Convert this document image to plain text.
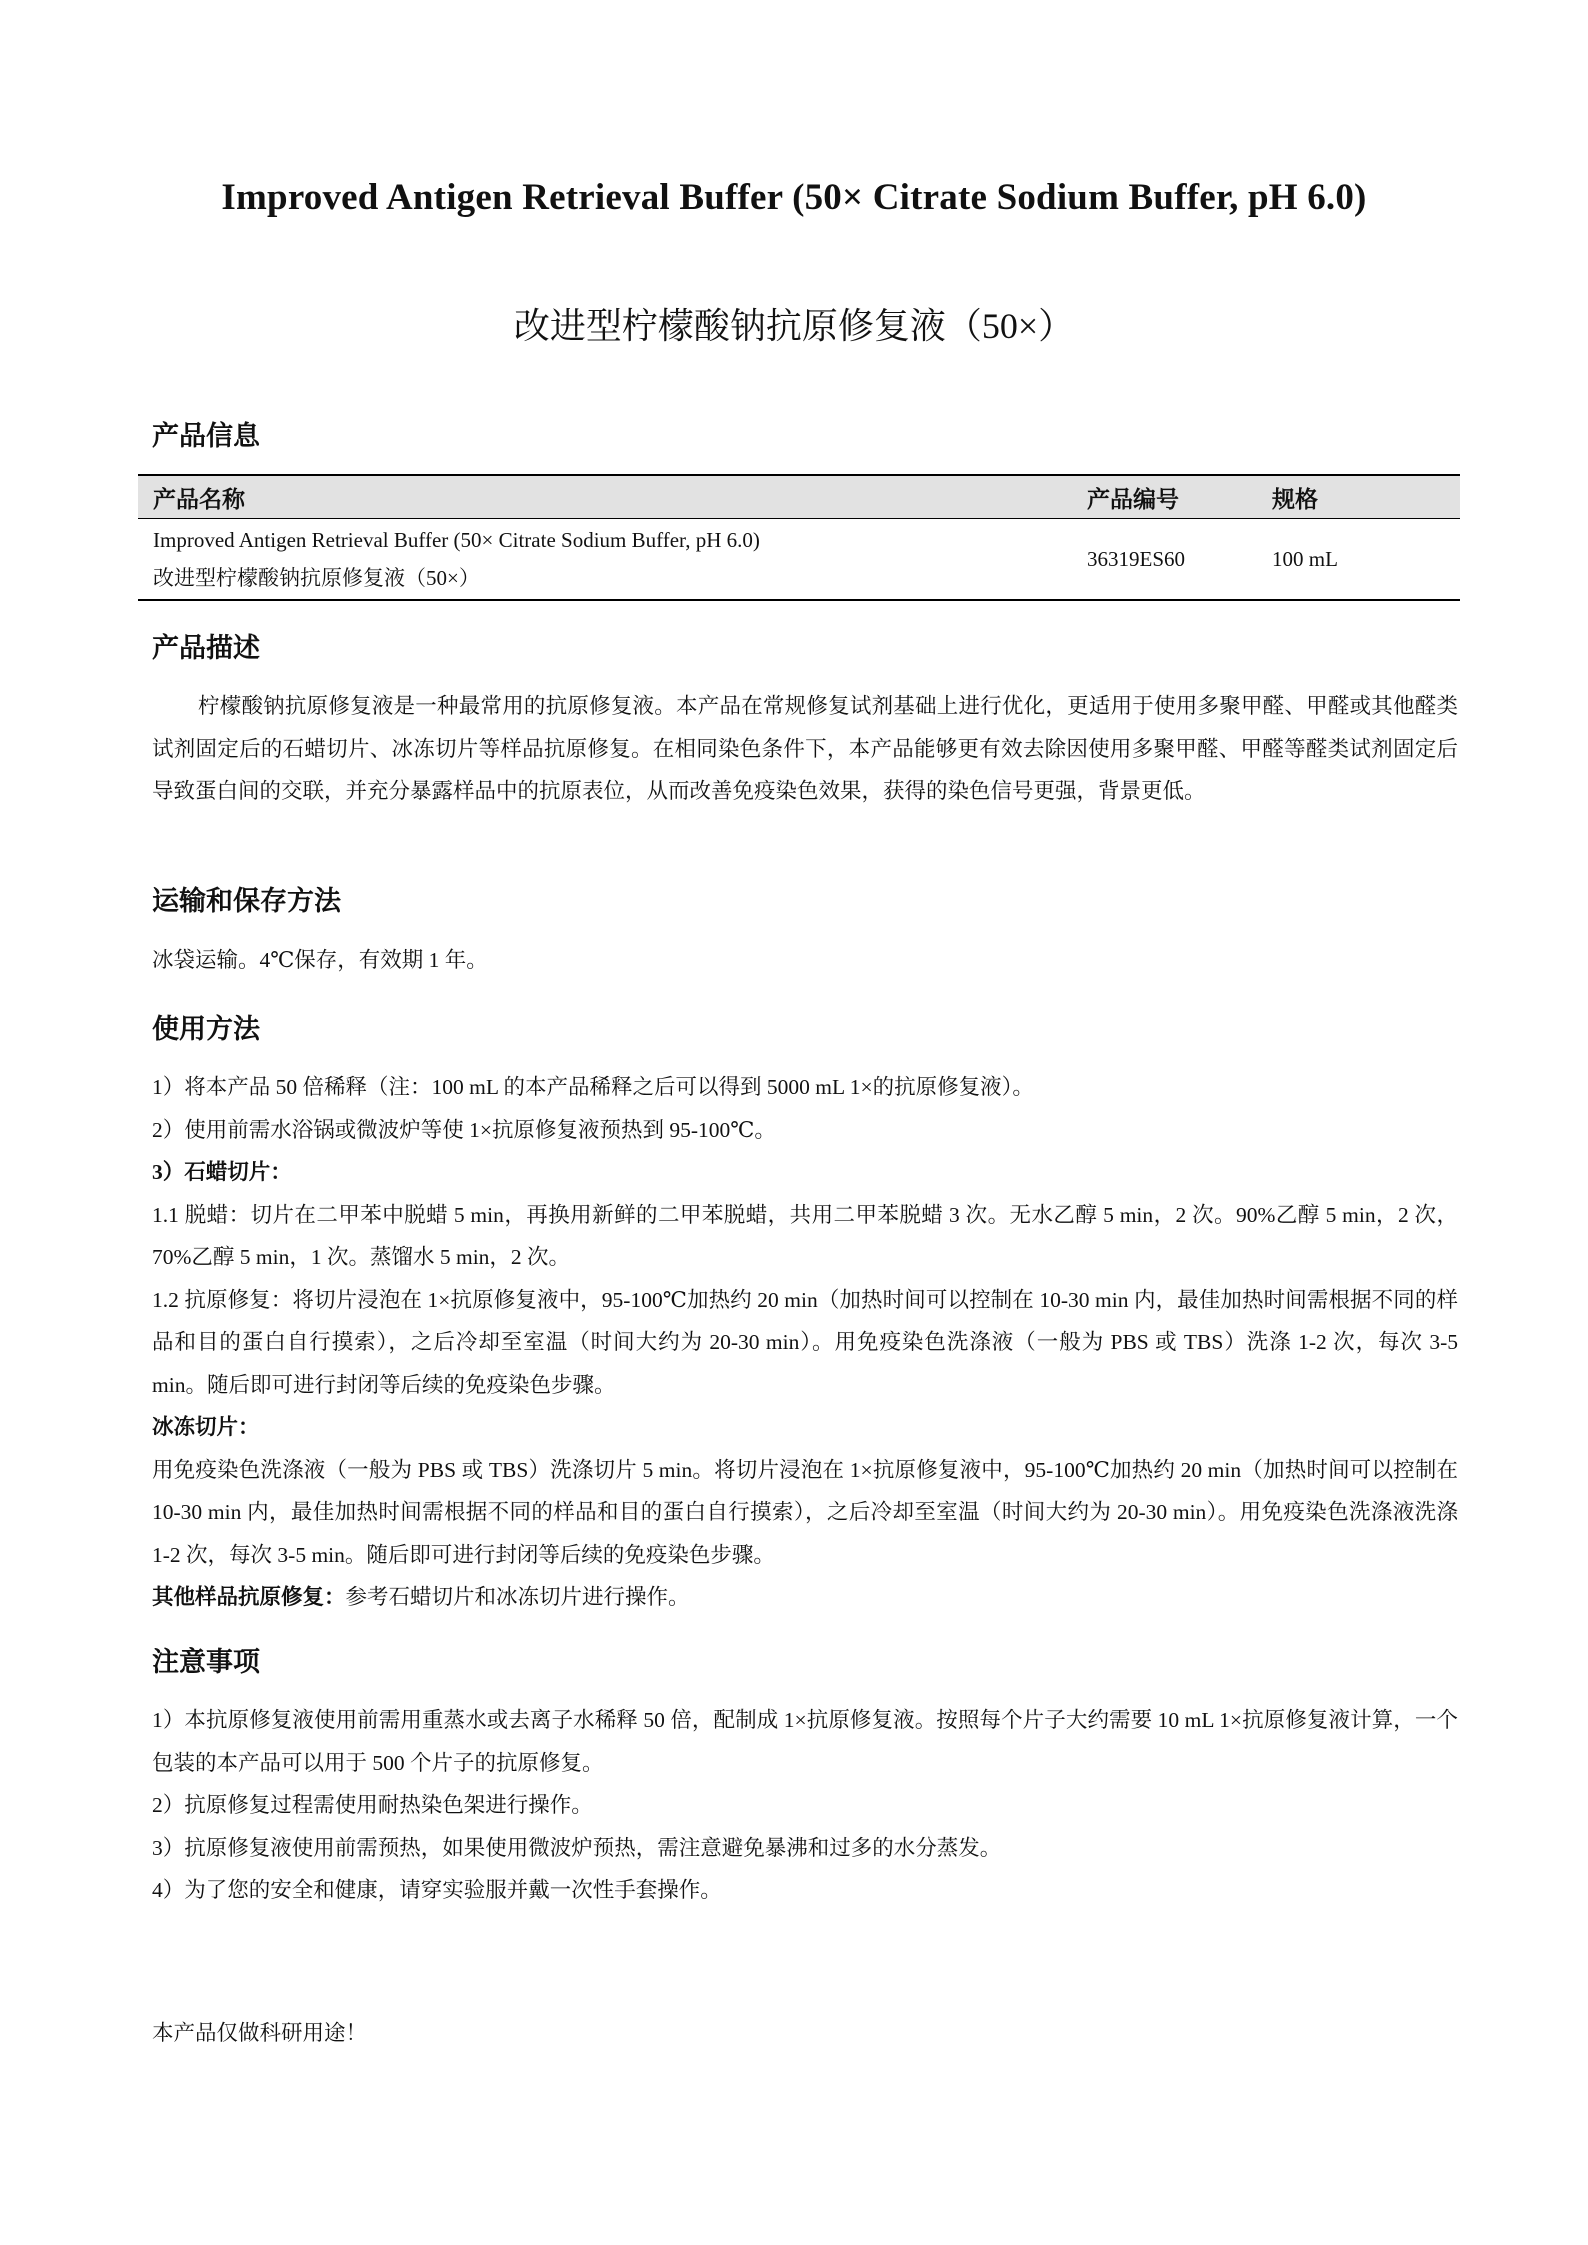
Improved Antigen Retrieval Buffer (50× Citrate Sodium Buffer, pH 6.0)
改进型柠檬酸钠抗原修复液（50×）
产品信息
产品名称	产品编号	规格
Improved Antigen Retrieval Buffer (50× Citrate Sodium Buffer, pH 6.0)
改进型柠檬酸钠抗原修复液（50×）
36319ES60	100 mL
产品描述
柠檬酸钠抗原修复液是一种最常用的抗原修复液。本产品在常规修复试剂基础上进行优化，更适用于使用多聚甲醛、甲醛或其他醛类试剂固定后的石蜡切片、冰冻切片等样品抗原修复。在相同染色条件下，本产品能够更有效去除因使用多聚甲醛、甲醛等醛类试剂固定后导致蛋白间的交联，并充分暴露样品中的抗原表位，从而改善免疫染色效果，获得的染色信号更强，背景更低。
运输和保存方法
冰袋运输。4℃保存，有效期 1 年。
使用方法
1）将本产品 50 倍稀释（注：100 mL 的本产品稀释之后可以得到 5000 mL 1×的抗原修复液）。
2）使用前需水浴锅或微波炉等使 1×抗原修复液预热到 95-100℃。
3）石蜡切片：
1.1 脱蜡：切片在二甲苯中脱蜡 5 min，再换用新鲜的二甲苯脱蜡，共用二甲苯脱蜡 3 次。无水乙醇 5 min，2 次。90%乙醇 5 min，2 次，70%乙醇 5 min，1 次。蒸馏水 5 min，2 次。
1.2 抗原修复：将切片浸泡在 1×抗原修复液中，95-100℃加热约 20 min（加热时间可以控制在 10-30 min 内，最佳加热时间需根据不同的样品和目的蛋白自行摸索），之后冷却至室温（时间大约为 20-30 min）。用免疫染色洗涤液（一般为 PBS 或 TBS）洗涤 1-2 次，每次 3-5 min。随后即可进行封闭等后续的免疫染色步骤。
冰冻切片：
用免疫染色洗涤液（一般为 PBS 或 TBS）洗涤切片 5 min。将切片浸泡在 1×抗原修复液中，95-100℃加热约 20 min（加热时间可以控制在 10-30 min 内，最佳加热时间需根据不同的样品和目的蛋白自行摸索），之后冷却至室温（时间大约为 20-30 min）。用免疫染色洗涤液洗涤 1-2 次，每次 3-5 min。随后即可进行封闭等后续的免疫染色步骤。
其他样品抗原修复：参考石蜡切片和冰冻切片进行操作。
注意事项
1）本抗原修复液使用前需用重蒸水或去离子水稀释 50 倍，配制成 1×抗原修复液。按照每个片子大约需要 10 mL 1×抗原修复液计算，一个包装的本产品可以用于 500 个片子的抗原修复。
2）抗原修复过程需使用耐热染色架进行操作。
3）抗原修复液使用前需预热，如果使用微波炉预热，需注意避免暴沸和过多的水分蒸发。
4）为了您的安全和健康，请穿实验服并戴一次性手套操作。
本产品仅做科研用途！
